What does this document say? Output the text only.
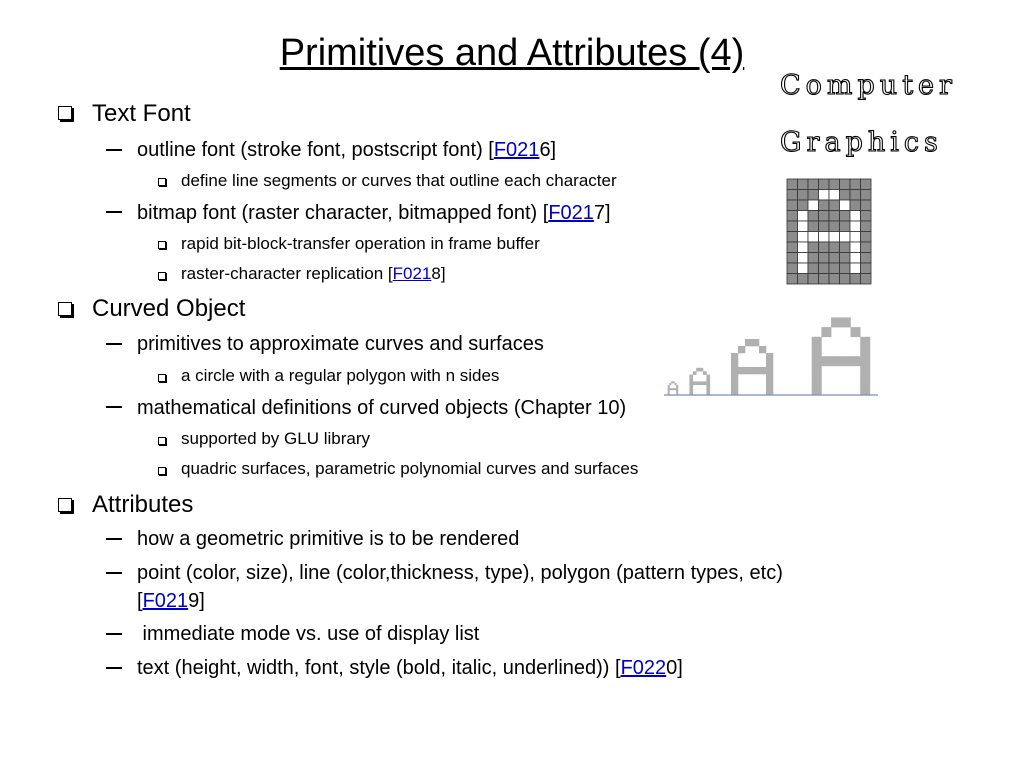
Primitives and Attributes (4)
Text Font
outline font (stroke font, postscript font) [F0216]
define line segments or curves that outline each character
bitmap font (raster character, bitmapped font) [F0217]
rapid bit-block-transfer operation in frame buffer
raster-character replication [F0218]
Curved Object
primitives to approximate curves and surfaces
a circle with a regular polygon with n sides
mathematical definitions of curved objects (Chapter 10)
supported by GLU library
quadric surfaces, parametric polynomial curves and surfaces
Attributes
how a geometric primitive is to be rendered
point (color, size), line (color,thickness, type), polygon (pattern types, etc)
[F0219]
immediate mode vs. use of display list
text (height, width, font, style (bold, italic, underlined)) [F0220]
Computer
Graphics
